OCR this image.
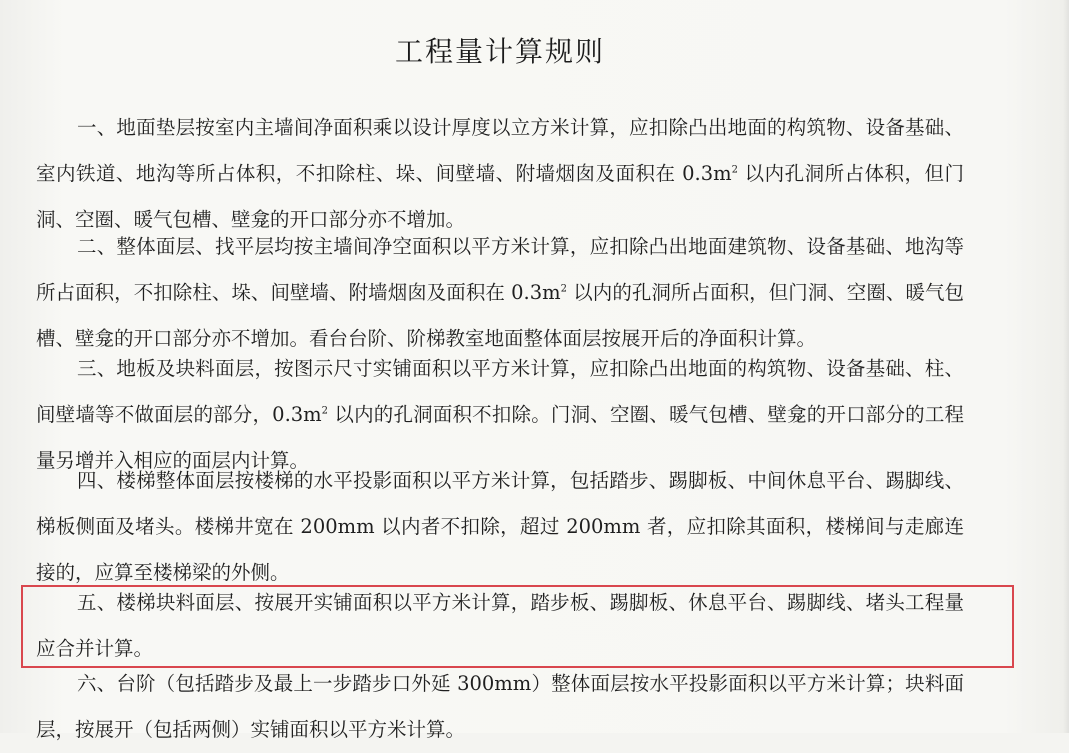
工程量计算规则

一、地面垫层按室内主墙间净面积乘以设计厚度以立方米计算，应扣除凸出地面的构筑物、设备基础、室内铁道、地沟等所占体积，不扣除柱、垛、间壁墙、附墙烟囱及面积在 $0.3m^2$ 以内孔洞所占体积，但门洞、空圈、暖气包槽、壁龛的开口部分亦不增加。

二、整体面层、找平层均按主墙间净空面积以平方米计算，应扣除凸出地面建筑物、设备基础、地沟等所占面积，不扣除柱、垛、间壁墙、附墙烟囱及面积在 $0.3m^2$ 以内的孔洞所占面积，但门洞、空圈、暖气包槽、壁龛的开口部分亦不增加。看台台阶、阶梯教室地面整体面层按展开后的净面积计算。

三、地板及块料面层，按图示尺寸实铺面积以平方米计算，应扣除凸出地面的构筑物、设备基础、柱、间壁墙等不做面层的部分，$0.3m^2$ 以内的孔洞面积不扣除。门洞、空圈、暖气包槽、壁龛的开口部分的工程量另增并入相应的面层内计算。

四、楼梯整体面层按楼梯的水平投影面积以平方米计算，包括踏步、踢脚板、中间休息平台、踢脚线、梯板侧面及堵头。楼梯井宽在 200mm 以内者不扣除，超过 200mm 者，应扣除其面积，楼梯间与走廊连接的，应算至楼梯梁的外侧。

五、楼梯块料面层、按展开实铺面积以平方米计算，踏步板、踢脚板、休息平台、踢脚线、堵头工程量应合并计算。

六、台阶（包括踏步及最上一步踏步口外延 300mm）整体面层按水平投影面积以平方米计算；块料面层，按展开（包括两侧）实铺面积以平方米计算。
